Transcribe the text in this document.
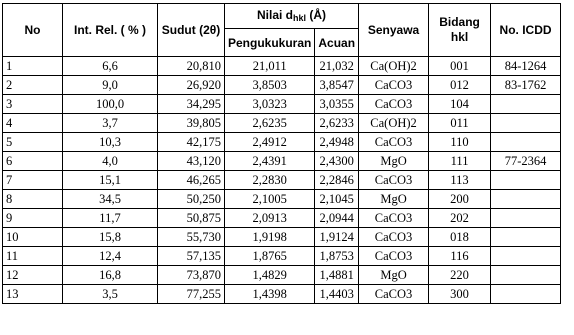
No	Int. Rel. ( % )	Sudut (2θ)	Nilai $d_{hkl}$ (Å)		Senyawa	Bidang hkl	No. ICDD
			Pengukukuran	Acuan			
1	6,6	20,810	21,011	21,032	Ca(OH)2	001	84-1264
2	9,0	26,920	3,8503	3,8547	CaCO3	012	83-1762
3	100,0	34,295	3,0323	3,0355	CaCO3	104	
4	3,7	39,805	2,6235	2,6233	Ca(OH)2	011	
5	10,3	42,175	2,4912	2,4948	CaCO3	110	
6	4,0	43,120	2,4391	2,4300	MgO	111	77-2364
7	15,1	46,265	2,2830	2,2846	CaCO3	113	
8	34,5	50,250	2,1005	2,1045	MgO	200	
9	11,7	50,875	2,0913	2,0944	CaCO3	202	
10	15,8	55,730	1,9198	1,9124	CaCO3	018	
11	12,4	57,135	1,8765	1,8753	CaCO3	116	
12	16,8	73,870	1,4829	1,4881	MgO	220	
13	3,5	77,255	1,4398	1,4403	CaCO3	300	
